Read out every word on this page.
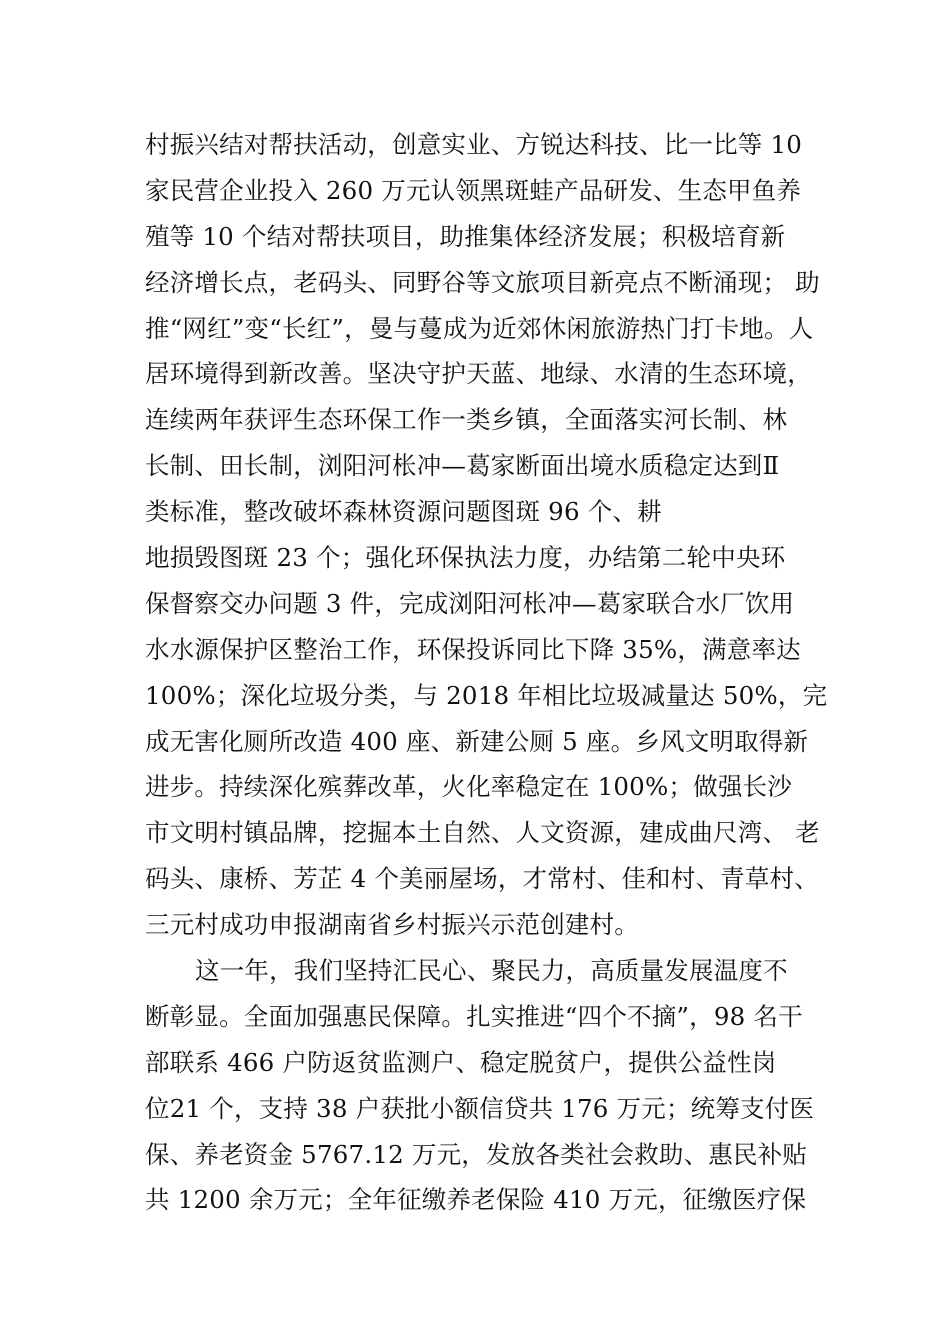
村振兴结对帮扶活动，创意实业、方锐达科技、比一比等 10
家民营企业投入 260 万元认领黑斑蛙产品研发、生态甲鱼养
殖等 10 个结对帮扶项目，助推集体经济发展；积极培育新
经济增长点，老码头、同野谷等文旅项目新亮点不断涌现； 助
推“网红”变“长红”，曼与蔓成为近郊休闲旅游热门打卡地。人
居环境得到新改善。坚决守护天蓝、地绿、水清的生态环境，
连续两年获评生态环保工作一类乡镇，全面落实河长制、林
长制、田长制，浏阳河枨冲—葛家断面出境水质稳定达到Ⅱ
类标准，整改破坏森林资源问题图斑 96 个、耕
地损毁图斑 23 个；强化环保执法力度，办结第二轮中央环
保督察交办问题 3 件，完成浏阳河枨冲—葛家联合水厂饮用
水水源保护区整治工作，环保投诉同比下降 35%，满意率达
100%；深化垃圾分类，与 2018 年相比垃圾减量达 50%，完
成无害化厕所改造 400 座、新建公厕 5 座。乡风文明取得新
进步。持续深化殡葬改革，火化率稳定在 100%；做强长沙
市文明村镇品牌，挖掘本土自然、人文资源，建成曲尺湾、 老
码头、康桥、芳芷 4 个美丽屋场，才常村、佳和村、青草村、
三元村成功申报湖南省乡村振兴示范创建村。
这一年，我们坚持汇民心、聚民力，高质量发展温度不
断彰显。全面加强惠民保障。扎实推进“四个不摘”，98 名干
部联系 466 户防返贫监测户、稳定脱贫户，提供公益性岗
位21 个，支持 38 户获批小额信贷共 176 万元；统筹支付医
保、养老资金 5767.12 万元，发放各类社会救助、惠民补贴
共 1200 余万元；全年征缴养老保险 410 万元，征缴医疗保
